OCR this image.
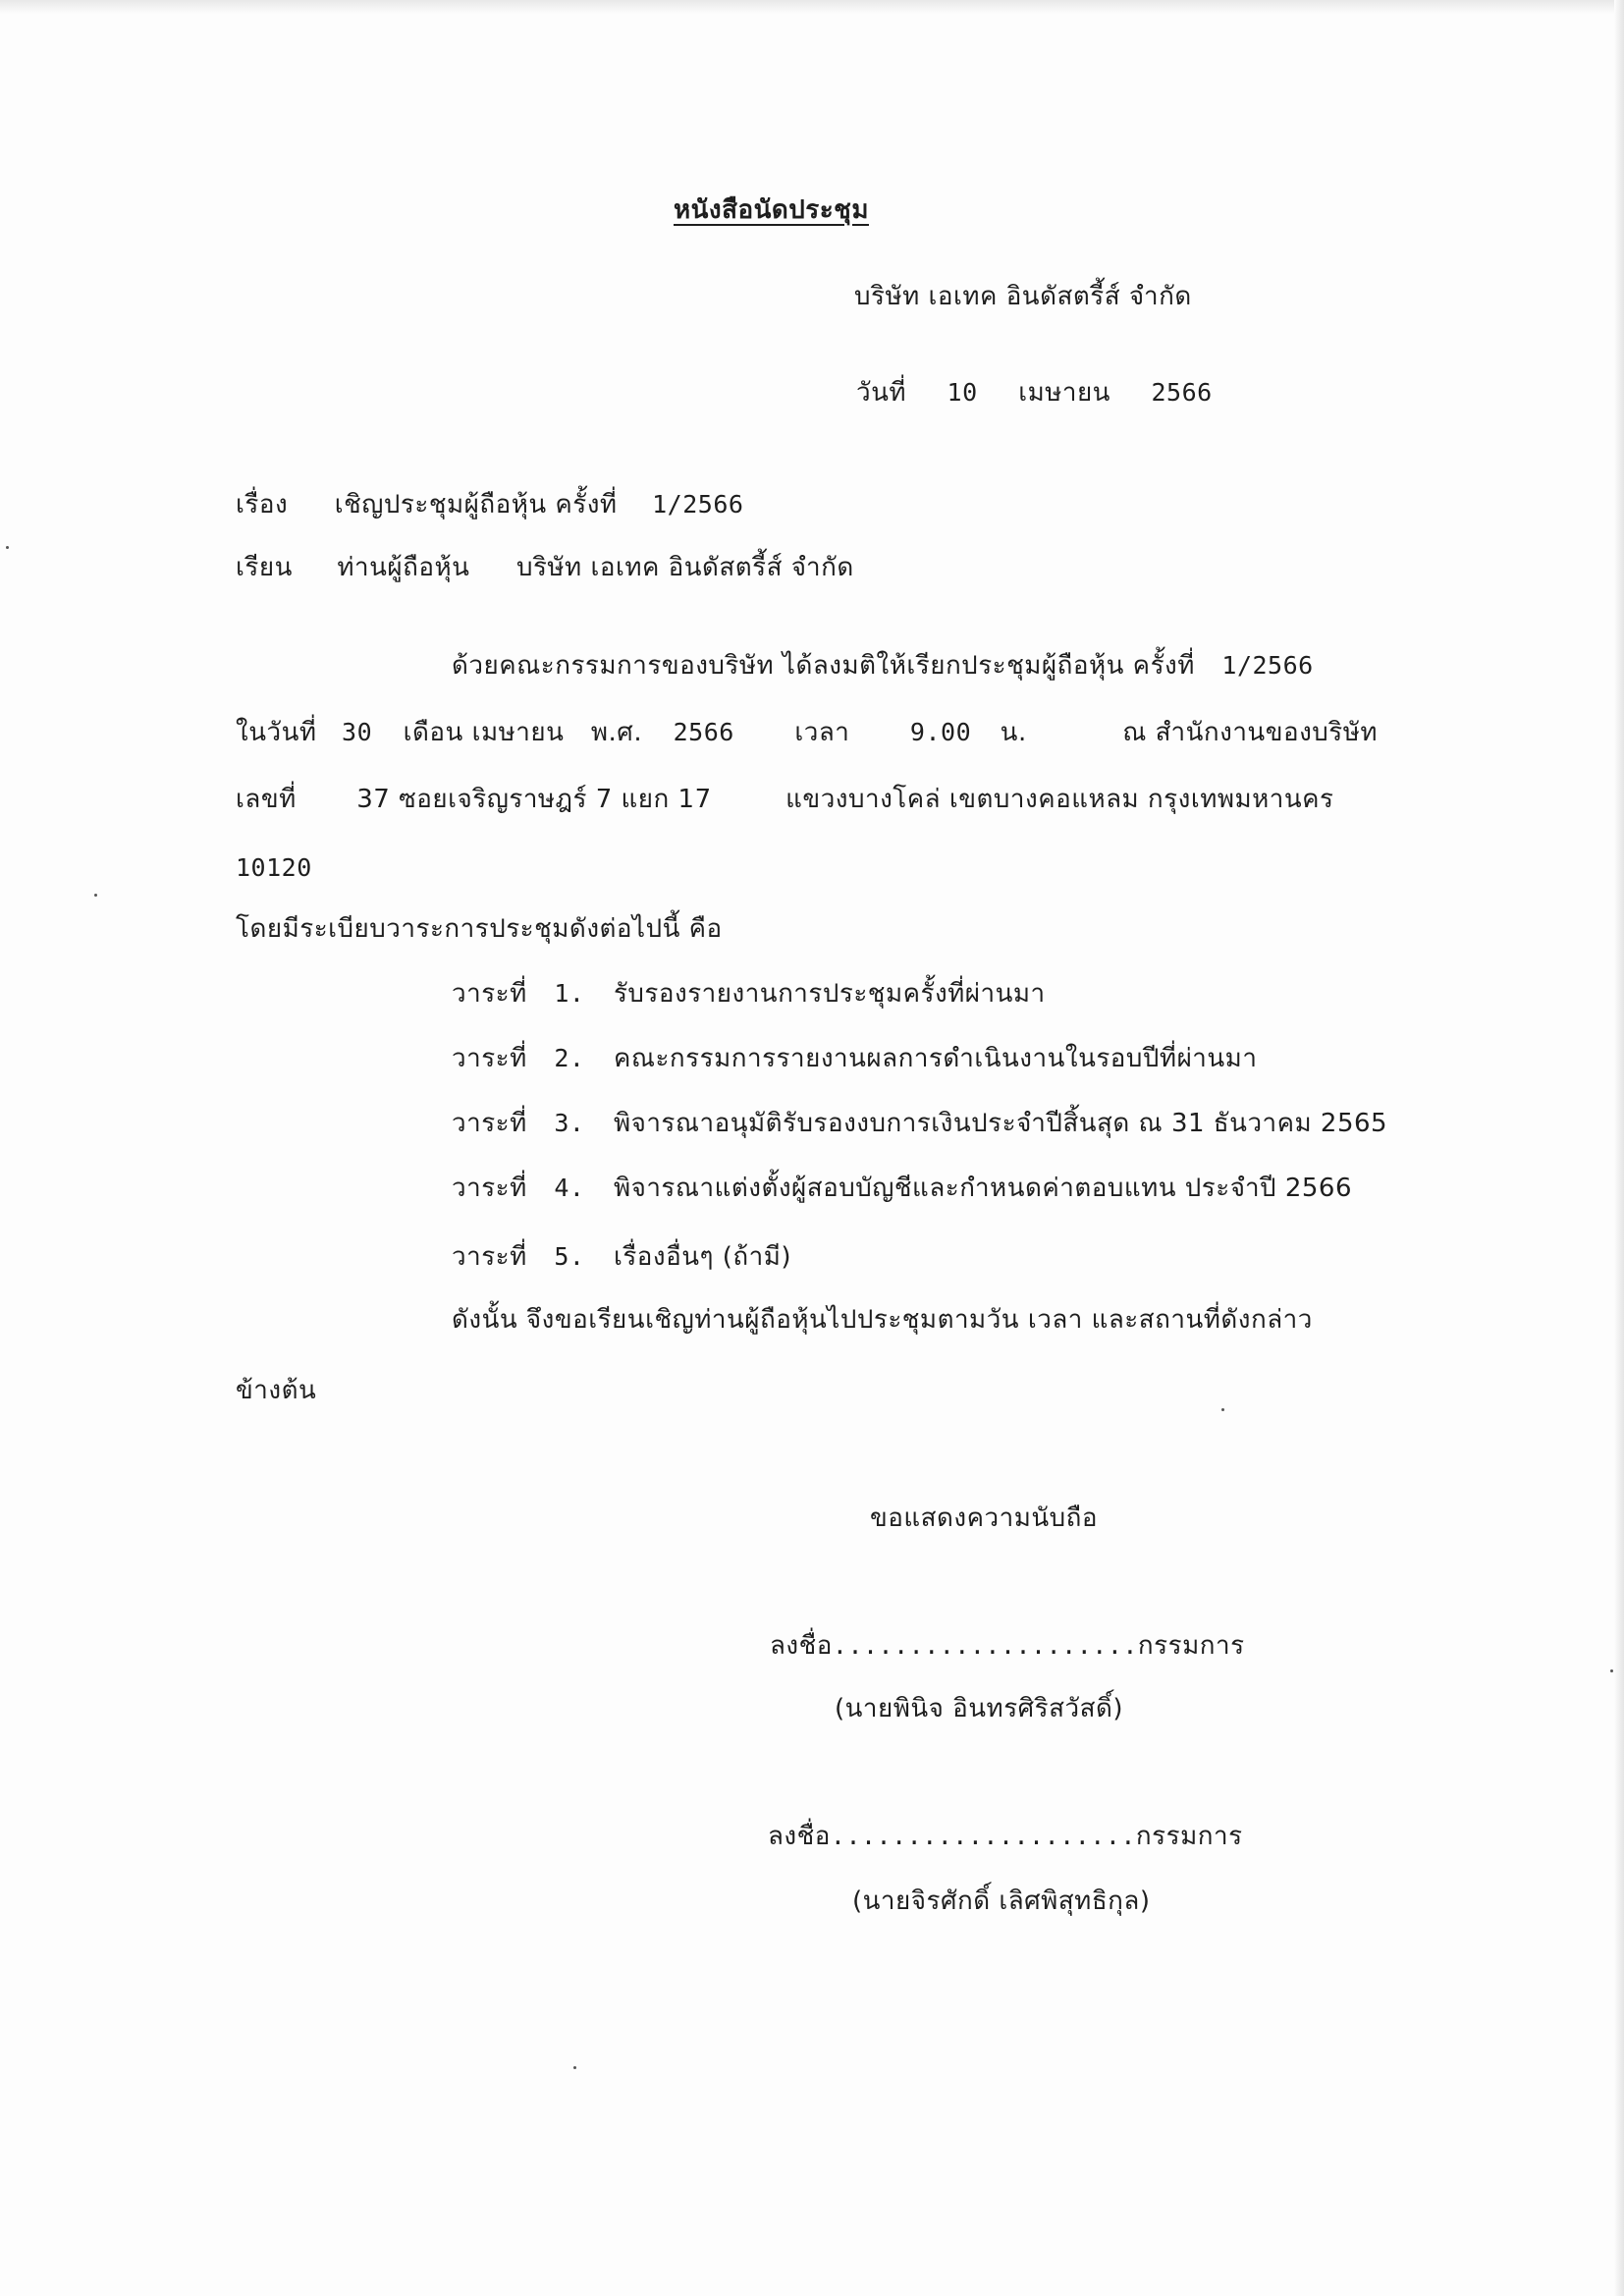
หนังสือนัดประชุม
บริษัท เอเทค อินดัสตรี้ส์ จำกัด
วันที่ 10 เมษายน 2566
เรื่อง เชิญประชุมผู้ถือหุ้น ครั้งที่ 1/2566
เรียน ท่านผู้ถือหุ้น บริษัท เอเทค อินดัสตรี้ส์ จำกัด
ด้วยคณะกรรมการของบริษัท ได้ลงมติให้เรียกประชุมผู้ถือหุ้น ครั้งที่ 1/2566
ในวันที่ 30 เดือน เมษายน พ.ศ. 2566 เวลา 9.00 น.	ณ สำนักงานของบริษัท
เลขที่ 37 ซอยเจริญราษฎร์ 7 แยก 17	แขวงบางโคล่ เขตบางคอแหลม กรุงเทพมหานคร
10120
โดยมีระเบียบวาระการประชุมดังต่อไปนี้ คือ
วาระที่ 1. รับรองรายงานการประชุมครั้งที่ผ่านมา
วาระที่ 2. คณะกรรมการรายงานผลการดำเนินงานในรอบปีที่ผ่านมา
วาระที่ 3. พิจารณาอนุมัติรับรองงบการเงินประจำปีสิ้นสุด ณ 31 ธันวาคม 2565
วาระที่ 4. พิจารณาแต่งตั้งผู้สอบบัญชีและกำหนดค่าตอบแทน ประจำปี 2566
วาระที่ 5. เรื่องอื่นๆ (ถ้ามี)
ดังนั้น จึงขอเรียนเชิญท่านผู้ถือหุ้นไปประชุมตามวัน เวลา และสถานที่ดังกล่าว
ข้างต้น
ขอแสดงความนับถือ
ลงชื่อ....................กรรมการ
(นายพินิจ อินทรศิริสวัสดิ์)
ลงชื่อ....................กรรมการ
(นายจิรศักดิ์ เลิศพิสุทธิกุล)
